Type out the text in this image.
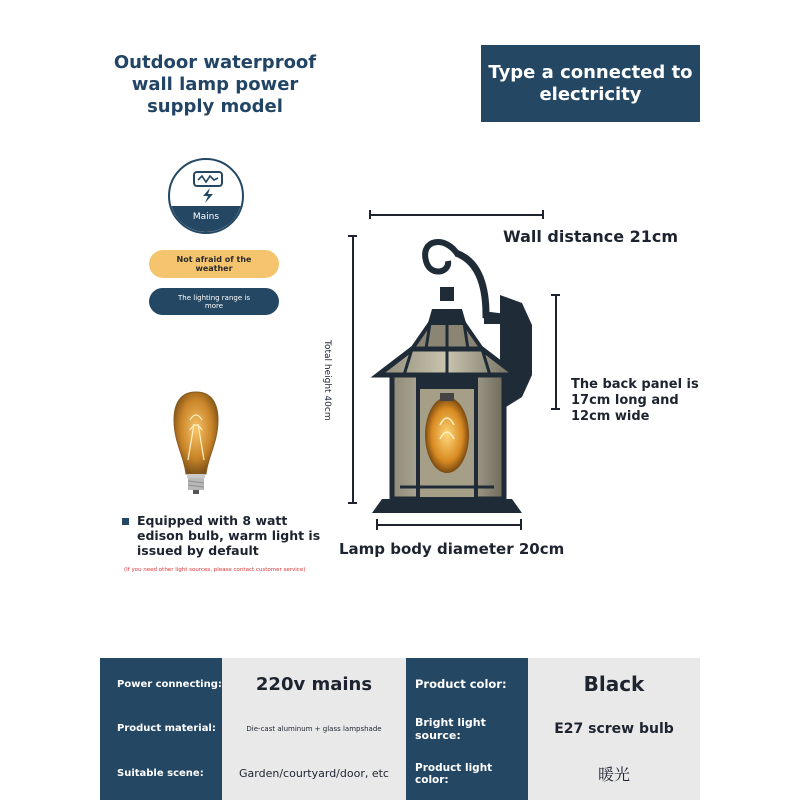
Outdoor waterproof wall lamp power supply model
Type a connected to electricity
Mains
Not afraid of the weather
The lighting range is more
Equipped with 8 watt edison bulb, warm light is issued by default
(If you need other light sources, please contact customer service)
Wall distance 21cm
The back panel is 17cm long and 12cm wide
Lamp body diameter 20cm
Total height 40cm
Power connecting:	220v mains	Product color:	Black
Product material:	Die-cast aluminum + glass lampshade	Bright light source:	E27 screw bulb
Suitable scene:	Garden/courtyard/door, etc	Product light color:	暖光
